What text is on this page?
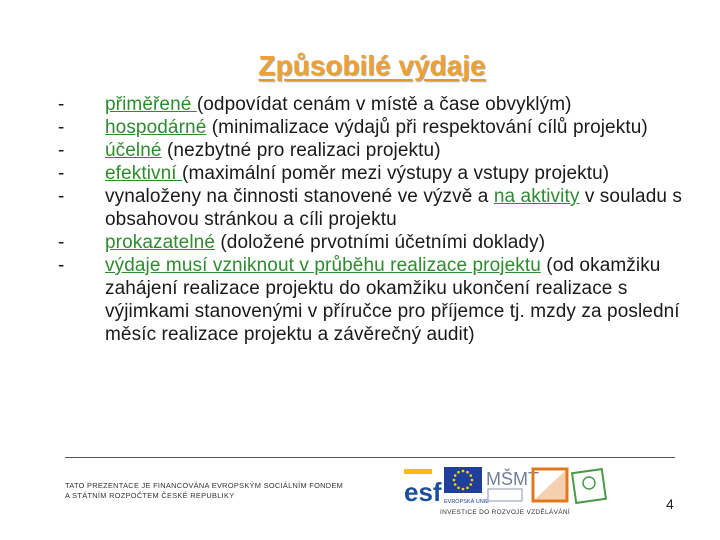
Způsobilé výdaje
- přiměřené (odpovídat cenám v místě a čase obvyklým)
- hospodárné (minimalizace výdajů při respektování cílů projektu)
- účelné (nezbytné pro realizaci projektu)
- efektivní (maximální poměr mezi výstupy a vstupy projektu)
- vynaloženy na činnosti stanovené ve výzvě a na aktivity v souladu s obsahovou stránkou a cíli projektu
- prokazatelné (doložené prvotními účetními doklady)
- výdaje musí vzniknout v průběhu realizace projektu (od okamžiku zahájení realizace projektu do okamžiku ukončení realizace s výjimkami stanovenými v příručce pro příjemce tj. mzdy za poslední měsíc realizace projektu a závěrečný audit)
TATO PREZENTACE JE FINANCOVÁNA EVROPSKÝM SOCIÁLNÍM FONDEM A STÁTNÍM ROZPOČTEM ČESKÉ REPUBLIKY	esf EVROPSKÁ UNIE
MŠMT
INVESTICE DO ROZVOJE VZDĚLÁVÁNÍ
4
